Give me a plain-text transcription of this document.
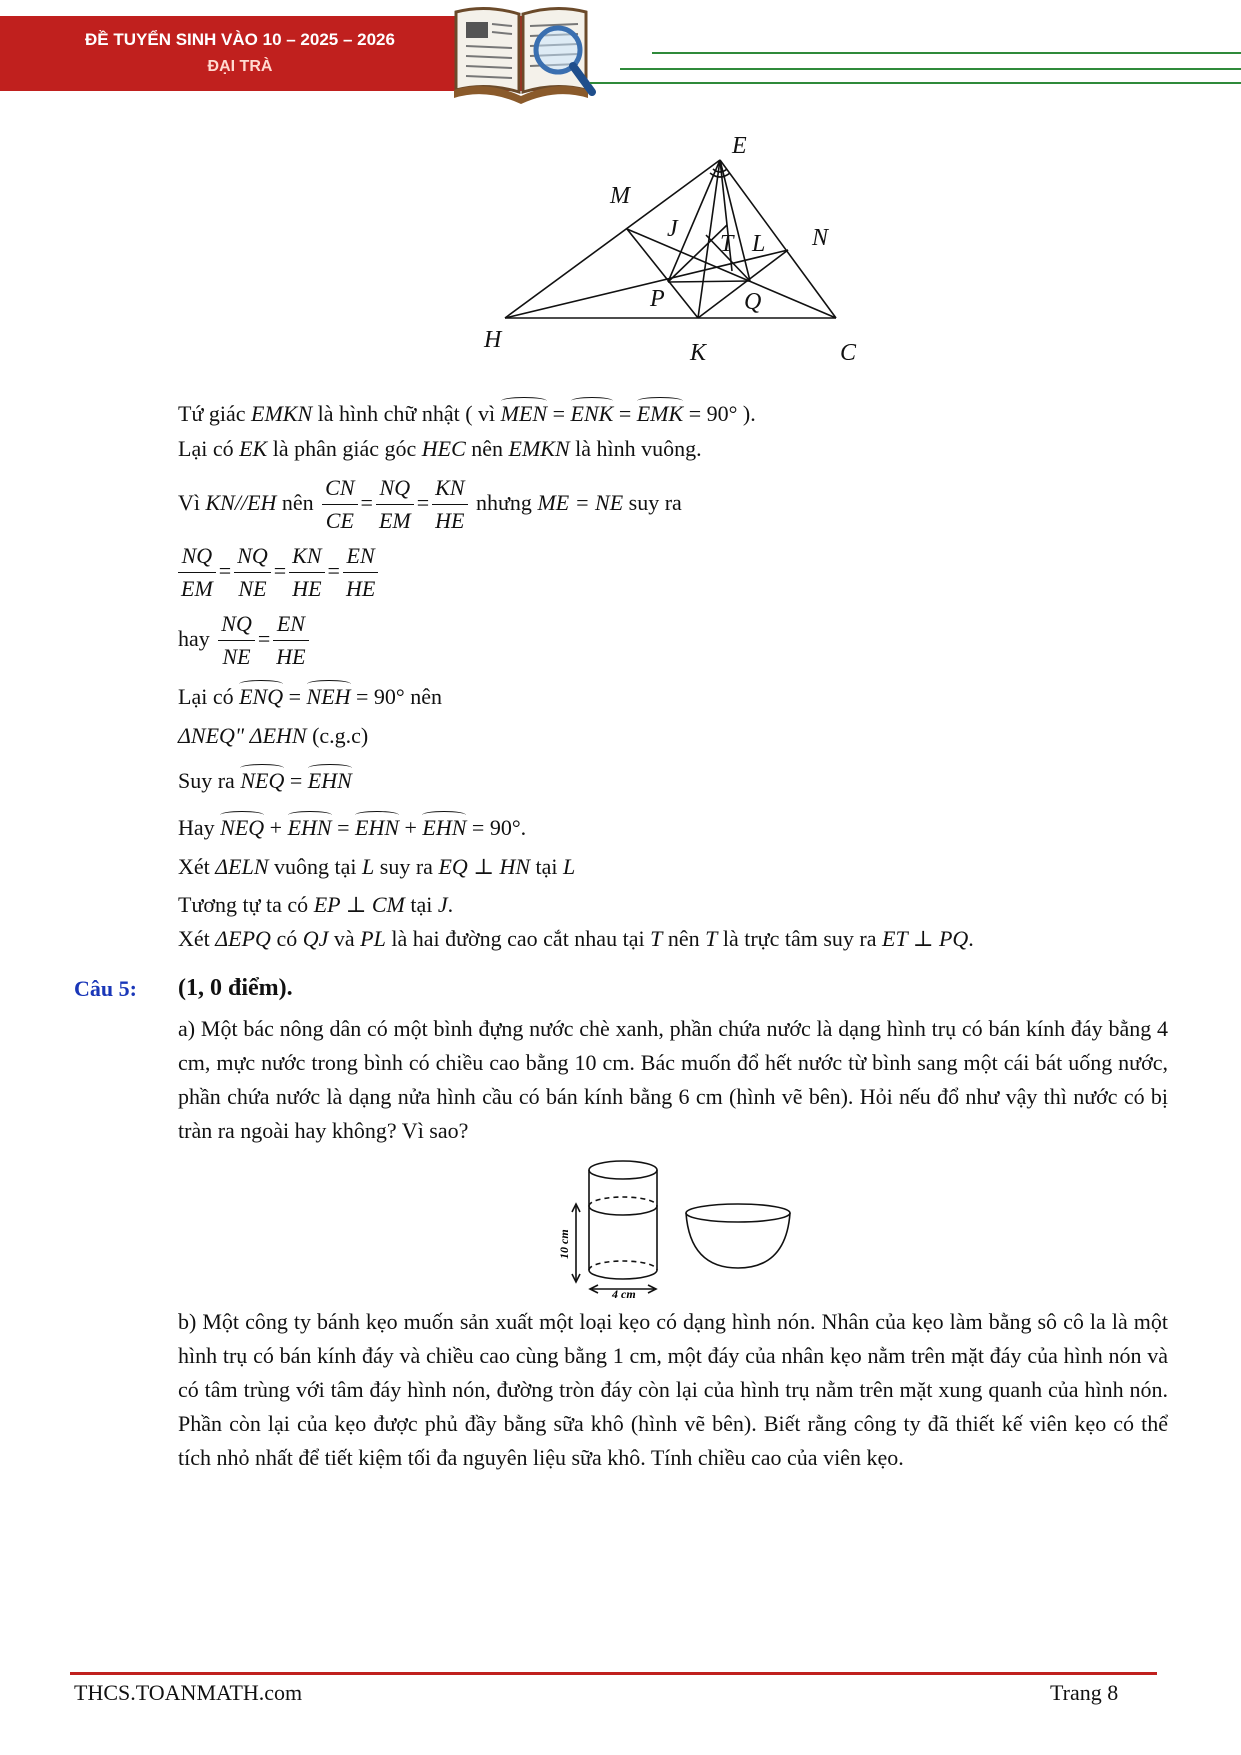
ĐỀ TUYỂN SINH VÀO 10 – 2025 – 2026
ĐẠI TRÀ
E
M
J
T L N
P	Q
H	K	C
Tứ giác EMKN là hình chữ nhật ( vì MEN = ENK = EMK = 90° ).
Lại có EK là phân giác góc HEC nên EMKN là hình vuông.
Vì KN//EH nên $\frac{CN}{CE} = \frac{NQ}{EM} = \frac{KN}{HE}$ nhưng ME = NE suy ra
$\frac{NQ}{EM} = \frac{NQ}{NE} = \frac{KN}{HE} = \frac{EN}{HE}$
hay $\frac{NQ}{NE} = \frac{EN}{HE}$
Lại có ENQ = NEH = 90° nên
ΔNEQ" ΔEHN (c.g.c)
Suy ra NEQ = EHN
Hay NEQ + EHN = EHN + EHN = 90°.
Xét ΔELN vuông tại L suy ra EQ ⊥ HN tại L
Tương tự ta có EP ⊥ CM tại J.
Xét ΔEPQ có QJ và PL là hai đường cao cắt nhau tại T nên T là trực tâm suy ra ET ⊥ PQ.
Câu 5: (1, 0 điểm).
a) Một bác nông dân có một bình đựng nước chè xanh, phần chứa nước là dạng hình trụ có bán kính đáy bằng 4 cm, mực nước trong bình có chiều cao bằng 10 cm. Bác muốn đổ hết nước từ bình sang một cái bát uống nước, phần chứa nước là dạng nửa hình cầu có bán kính bằng 6 cm (hình vẽ bên). Hỏi nếu đổ như vậy thì nước có bị tràn ra ngoài hay không? Vì sao?
10 cm
4 cm
b) Một công ty bánh kẹo muốn sản xuất một loại kẹo có dạng hình nón. Nhân của kẹo làm bằng sô cô la là một hình trụ có bán kính đáy và chiều cao cùng bằng 1 cm, một đáy của nhân kẹo nằm trên mặt đáy của hình nón và có tâm trùng với tâm đáy hình nón, đường tròn đáy còn lại của hình trụ nằm trên mặt xung quanh của hình nón. Phần còn lại của kẹo được phủ đầy bằng sữa khô (hình vẽ bên). Biết rằng công ty đã thiết kế viên kẹo có thể tích nhỏ nhất để tiết kiệm tối đa nguyên liệu sữa khô. Tính chiều cao của viên kẹo.
THCS.TOANMATH.com	Trang 8
